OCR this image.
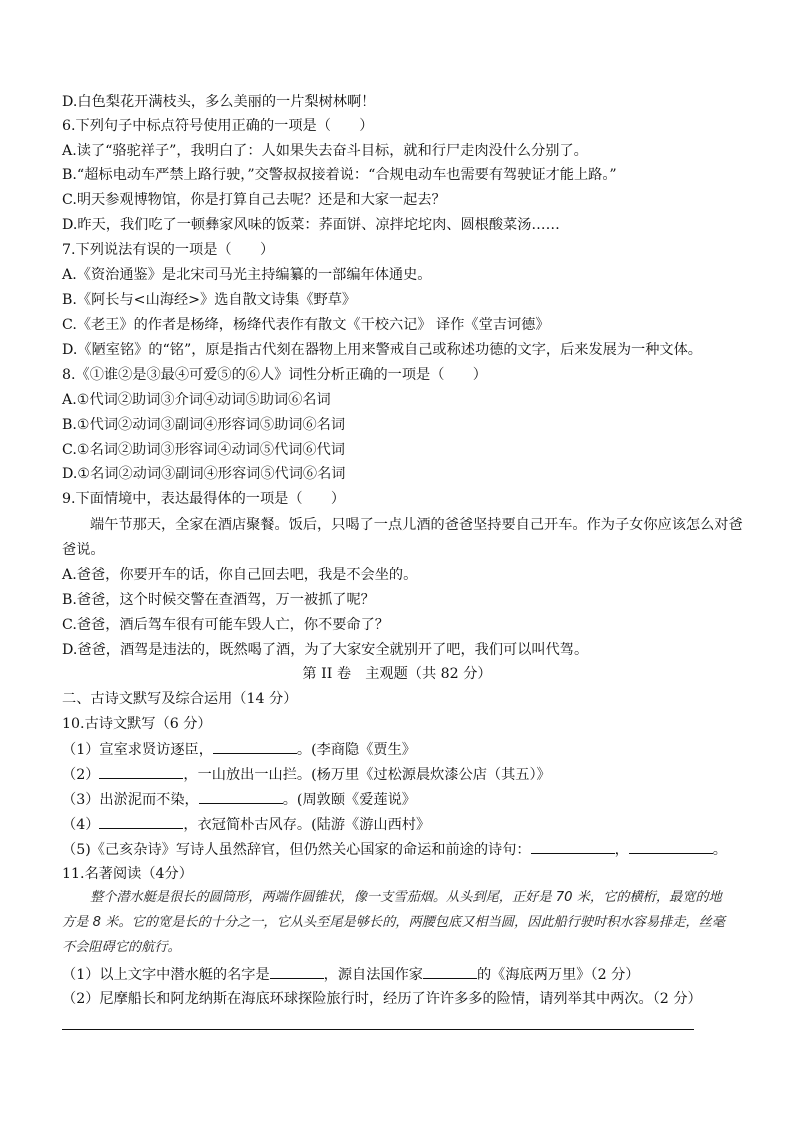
D.白色梨花开满枝头，多么美丽的一片梨树林啊！
6.下列句子中标点符号使用正确的一项是（　　）
A.读了“骆驼祥子”，我明白了：人如果失去奋斗目标，就和行尸走肉没什么分别了。
B.“超标电动车严禁上路行驶，”交警叔叔接着说：“合规电动车也需要有驾驶证才能上路。”
C.明天参观博物馆，你是打算自己去呢？还是和大家一起去？
D.昨天，我们吃了一顿彝家风味的饭菜：荞面饼、凉拌坨坨肉、圆根酸菜汤……
7.下列说法有误的一项是（　　）
A.《资治通鉴》是北宋司马光主持编纂的一部编年体通史。
B.《阿长与<山海经>》选自散文诗集《野草》
C.《老王》的作者是杨绛，杨绛代表作有散文《干校六记》 译作《堂吉诃德》
D.《陋室铭》的“铭”，原是指古代刻在器物上用来警戒自己或称述功德的文字，后来发展为一种文体。
8.《①谁②是③最④可爱⑤的⑥人》词性分析正确的一项是（　　）
A.①代词②助词③介词④动词⑤助词⑥名词
B.①代词②动词③副词④形容词⑤助词⑥名词
C.①名词②助词③形容词④动词⑤代词⑥代词
D.①名词②动词③副词④形容词⑤代词⑥名词
9.下面情境中，表达最得体的一项是（　　）
端午节那天，全家在酒店聚餐。饭后，只喝了一点儿酒的爸爸坚持要自己开车。作为子女你应该怎么对爸
爸说。
A.爸爸，你要开车的话，你自己回去吧，我是不会坐的。
B.爸爸，这个时候交警在查酒驾，万一被抓了呢？
C.爸爸，酒后驾车很有可能车毁人亡，你不要命了？
D.爸爸，酒驾是违法的，既然喝了酒，为了大家安全就别开了吧，我们可以叫代驾。
第 II 卷　主观题（共 82 分）
二、古诗文默写及综合运用（14 分）
10.古诗文默写（6 分）
（1）宣室求贤访逐臣，	。(李商隐《贾生》
（2）	，一山放出一山拦。(杨万里《过松源晨炊漆公店（其五）》
（3）出淤泥而不染，	。(周敦颐《爱莲说》
（4）	，衣冠简朴古风存。(陆游《游山西村》
（5)《己亥杂诗》写诗人虽然辞官，但仍然关心国家的命运和前途的诗句：	，	。
11.名著阅读（4分）
整个潜水艇是很长的圆筒形，两端作圆锥状，像一支雪茄烟。从头到尾，正好是 70 米，它的横桁，最宽的地方是 8 米。它的宽是长的十分之一，它从头至尾是够长的，两腰包底又相当圆，因此船行驶时积水容易排走，丝毫不会阻碍它的航行。
（1）以上文字中潜水艇的名字是	，源自法国作家	的《海底两万里》（2 分）
（2）尼摩船长和阿龙纳斯在海底环球探险旅行时，经历了许许多多的险情，请列举其中两次。（2 分）
